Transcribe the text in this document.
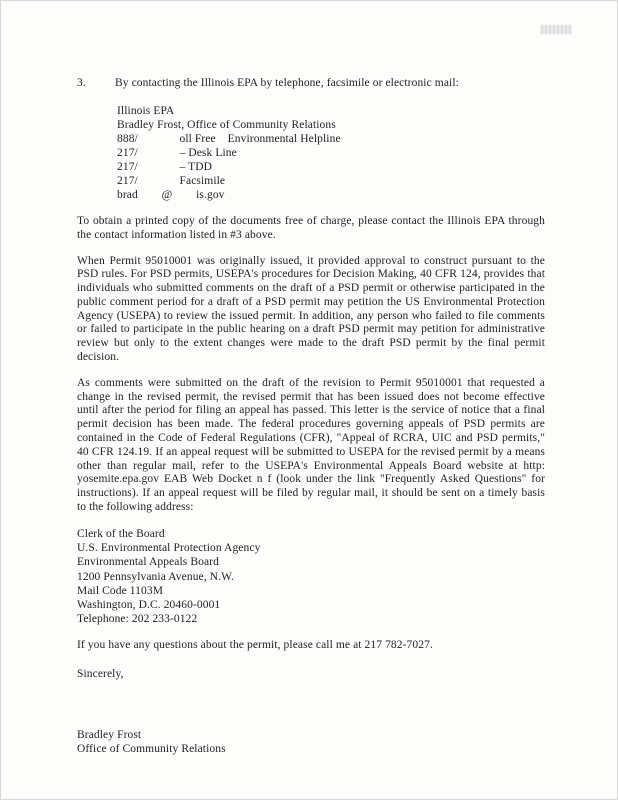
3.	By contacting the Illinois EPA by telephone, facsimile or electronic mail:
Illinois EPA
Bradley Frost, Office of Community Relations
888/              oll Free    Environmental Helpline
217/              – Desk Line
217/              – TDD
217/              Facsimile
brad        @        is.gov

To obtain a printed copy of the documents free of charge, please contact the Illinois EPA through the contact information listed in #3 above.

When Permit 95010001 was originally issued, it provided approval to construct pursuant to the PSD rules. For PSD permits, USEPA's procedures for Decision Making, 40 CFR 124, provides that individuals who submitted comments on the draft of a PSD permit or otherwise participated in the public comment period for a draft of a PSD permit may petition the US Environmental Protection Agency (USEPA) to review the issued permit. In addition, any person who failed to file comments or failed to participate in the public hearing on a draft PSD permit may petition for administrative review but only to the extent changes were made to the draft PSD permit by the final permit decision.

As comments were submitted on the draft of the revision to Permit 95010001 that requested a change in the revised permit, the revised permit that has been issued does not become effective until after the period for filing an appeal has passed. This letter is the service of notice that a final permit decision has been made. The federal procedures governing appeals of PSD permits are contained in the Code of Federal Regulations (CFR), "Appeal of RCRA, UIC and PSD permits," 40 CFR 124.19. If an appeal request will be submitted to USEPA for the revised permit by a means other than regular mail, refer to the USEPA's Environmental Appeals Board website at http: yosemite.epa.gov EAB Web Docket n f (look under the link "Frequently Asked Questions" for instructions). If an appeal request will be filed by regular mail, it should be sent on a timely basis to the following address:

Clerk of the Board
U.S. Environmental Protection Agency
Environmental Appeals Board
1200 Pennsylvania Avenue, N.W.
Mail Code 1103M
Washington, D.C. 20460-0001
Telephone: 202 233-0122

If you have any questions about the permit, please call me at 217 782-7027.

Sincerely,

Bradley Frost
Office of Community Relations
